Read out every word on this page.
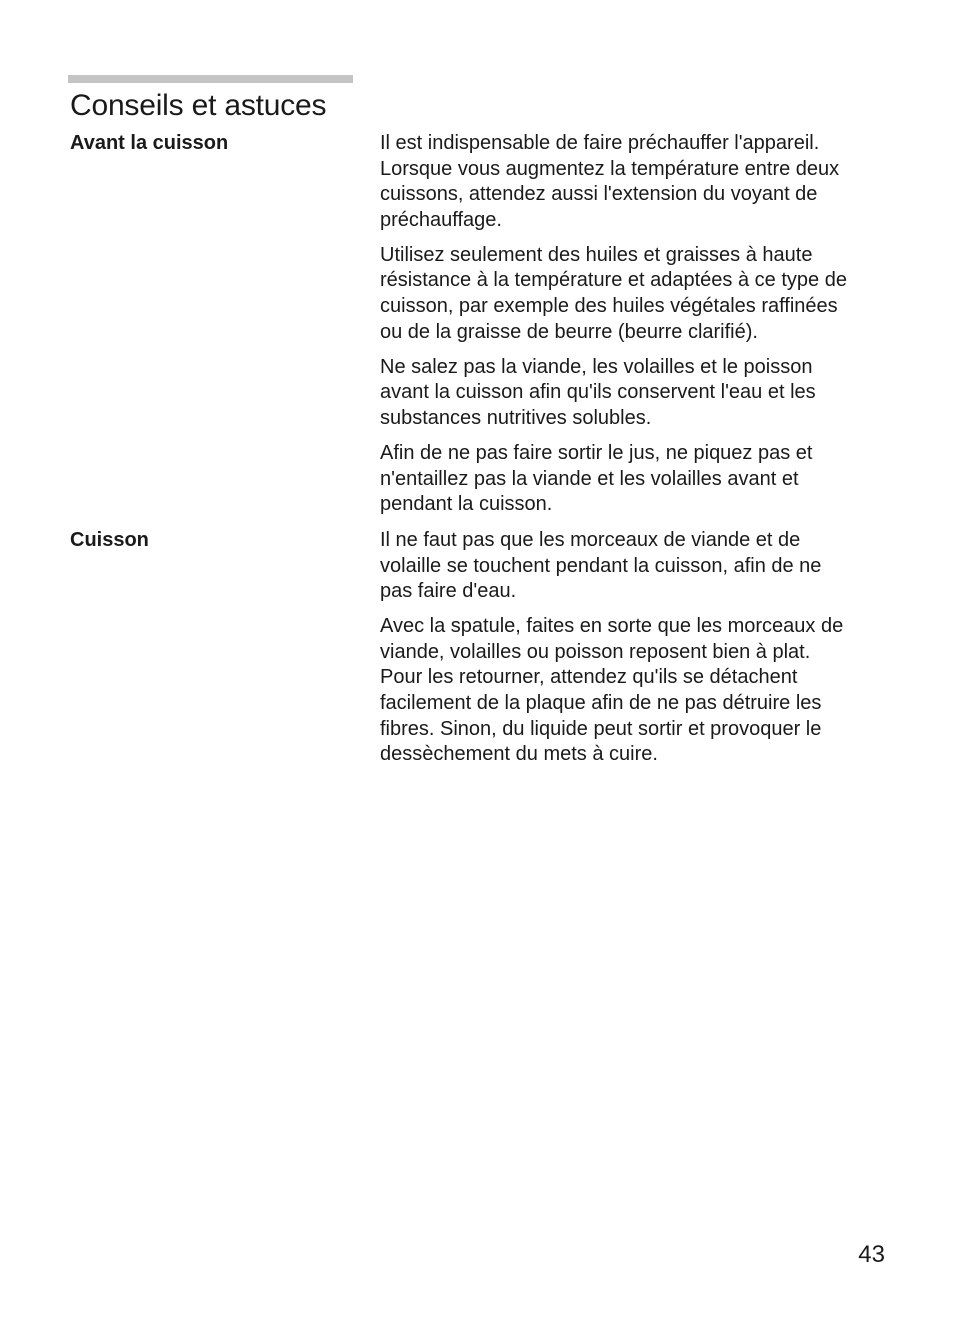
Conseils et astuces
Avant la cuisson	Il est indispensable de faire préchauffer l'appareil.
Lorsque vous augmentez la température entre deux
cuissons, attendez aussi l'extension du voyant de
préchauffage.

Utilisez seulement des huiles et graisses à haute
résistance à la température et adaptées à ce type de
cuisson, par exemple des huiles végétales raffinées
ou de la graisse de beurre (beurre clarifié).

Ne salez pas la viande, les volailles et le poisson
avant la cuisson afin qu'ils conservent l'eau et les
substances nutritives solubles.

Afin de ne pas faire sortir le jus, ne piquez pas et
n'entaillez pas la viande et les volailles avant et
pendant la cuisson.

Cuisson	Il ne faut pas que les morceaux de viande et de
volaille se touchent pendant la cuisson, afin de ne
pas faire d'eau.

Avec la spatule, faites en sorte que les morceaux de
viande, volailles ou poisson reposent bien à plat.
Pour les retourner, attendez qu'ils se détachent
facilement de la plaque afin de ne pas détruire les
fibres. Sinon, du liquide peut sortir et provoquer le
dessèchement du mets à cuire.

43
